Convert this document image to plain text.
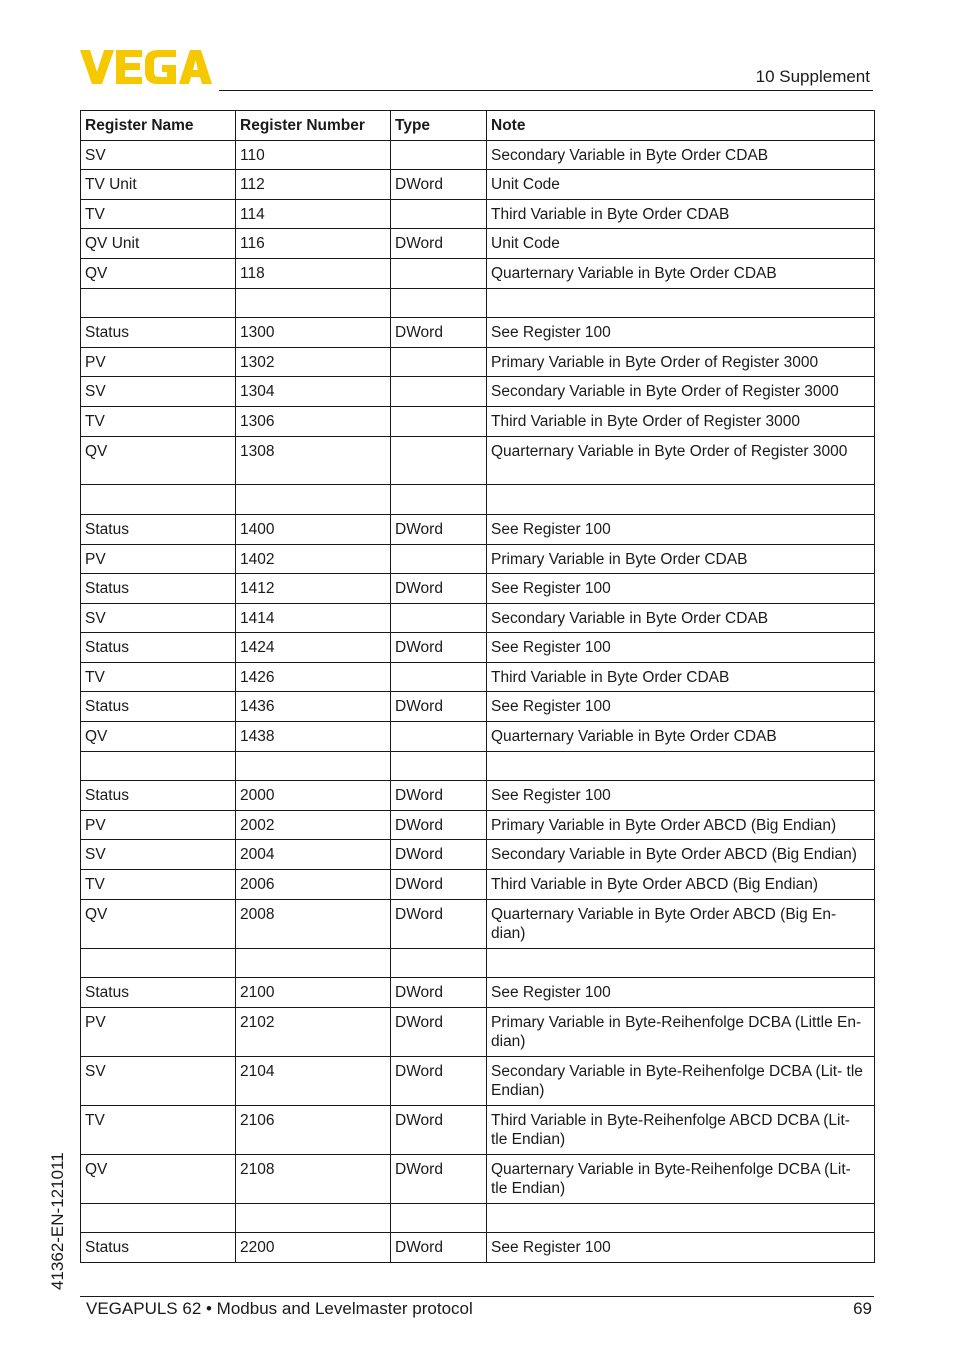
10 Supplement
Register Name	Register Number	Type	Note
SV	110		Secondary Variable in Byte Order CDAB
TV Unit	112	DWord	Unit Code
TV	114		Third Variable in Byte Order CDAB
QV Unit	116	DWord	Unit Code
QV	118		Quarternary Variable in Byte Order CDAB

Status	1300	DWord	See Register 100
PV	1302		Primary Variable in Byte Order of Register 3000
SV	1304		Secondary Variable in Byte Order of Register 3000
TV	1306		Third Variable in Byte Order of Register 3000
QV	1308		Quarternary Variable in Byte Order of Register 3000

Status	1400	DWord	See Register 100
PV	1402		Primary Variable in Byte Order CDAB
Status	1412	DWord	See Register 100
SV	1414		Secondary Variable in Byte Order CDAB
Status	1424	DWord	See Register 100
TV	1426		Third Variable in Byte Order CDAB
Status	1436	DWord	See Register 100
QV	1438		Quarternary Variable in Byte Order CDAB

Status	2000	DWord	See Register 100
PV	2002	DWord	Primary Variable in Byte Order ABCD (Big Endian)
SV	2004	DWord	Secondary Variable in Byte Order ABCD (Big Endian)
TV	2006	DWord	Third Variable in Byte Order ABCD (Big Endian)
QV	2008	DWord	Quarternary Variable in Byte Order ABCD (Big En- dian)

Status	2100	DWord	See Register 100
PV	2102	DWord	Primary Variable in Byte-Reihenfolge DCBA (Little En- dian)
SV	2104	DWord	Secondary Variable in Byte-Reihenfolge DCBA (Lit- tle Endian)
TV	2106	DWord	Third Variable in Byte-Reihenfolge ABCD DCBA (Lit- tle Endian)
QV	2108	DWord	Quarternary Variable in Byte-Reihenfolge DCBA (Lit- tle Endian)

Status	2200	DWord	See Register 100
41362-EN-121011
VEGAPULS 62 • Modbus and Levelmaster protocol	69
